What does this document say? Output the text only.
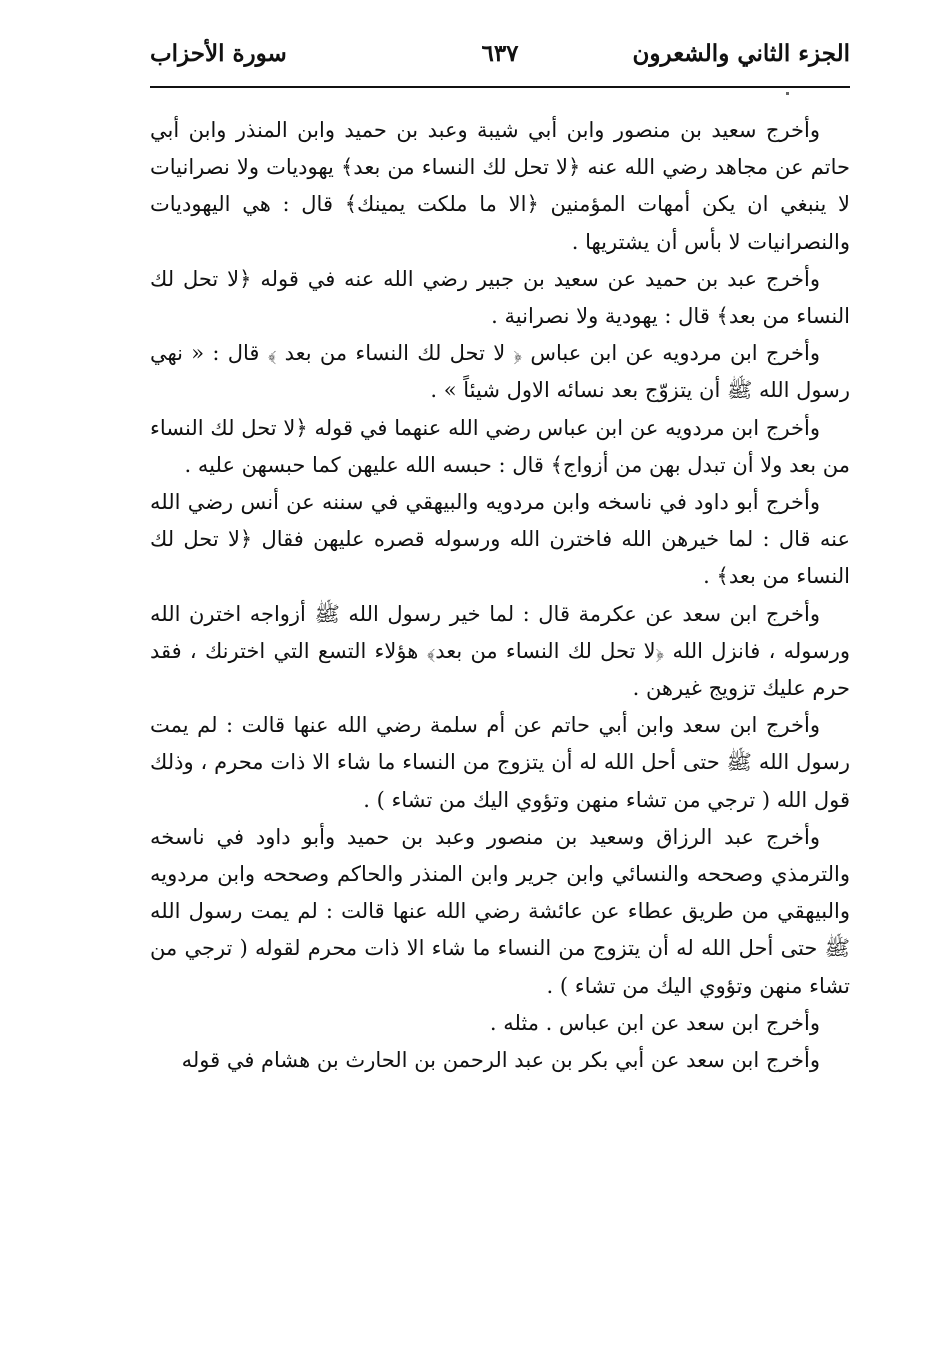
الجزء الثاني والشعرون
٦٣٧
سورة الأحزاب

وأخرج سعيد بن منصور وابن أبي شيبة وعبد بن حميد وابن المنذر وابن أبي حاتم عن مجاهد رضي الله عنه ﴿لا تحل لك النساء من بعد﴾ يهوديات ولا نصرانيات لا ينبغي ان يكن أمهات المؤمنين ﴿الا ما ملكت يمينك﴾ قال : هي اليهوديات والنصرانيات لا بأس أن يشتريها .

وأخرج عبد بن حميد عن سعيد بن جبير رضي الله عنه في قوله ﴿لا تحل لك النساء من بعد﴾ قال : يهودية ولا نصرانية .

وأخرج ابن مردويه عن ابن عباس ﴿ لا تحل لك النساء من بعد ﴾ قال : « نهي رسول الله ﷺ أن يتزوّج بعد نسائه الاول شيئاً » .

وأخرج ابن مردويه عن ابن عباس رضي الله عنهما في قوله ﴿لا تحل لك النساء من بعد ولا أن تبدل بهن من أزواج﴾ قال : حبسه الله عليهن كما حبسهن عليه .

وأخرج أبو داود في ناسخه وابن مردويه والبيهقي في سننه عن أنس رضي الله عنه قال : لما خيرهن الله فاخترن الله ورسوله قصره عليهن فقال ﴿لا تحل لك النساء من بعد﴾ .

وأخرج ابن سعد عن عكرمة قال : لما خير رسول الله ﷺ أزواجه اخترن الله ورسوله ، فانزل الله ﴿لا تحل لك النساء من بعد﴾ هؤلاء التسع التي اخترنك ، فقد حرم عليك تزويج غيرهن .

وأخرج ابن سعد وابن أبي حاتم عن أم سلمة رضي الله عنها قالت : لم يمت رسول الله ﷺ حتى أحل الله له أن يتزوج من النساء ما شاء الا ذات محرم ، وذلك قول الله ( ترجي من تشاء منهن وتؤوي اليك من تشاء ) .

وأخرج عبد الرزاق وسعيد بن منصور وعبد بن حميد وأبو داود في ناسخه والترمذي وصححه والنسائي وابن جرير وابن المنذر والحاكم وصححه وابن مردويه والبيهقي من طريق عطاء عن عائشة رضي الله عنها قالت : لم يمت رسول الله ﷺ حتى أحل الله له أن يتزوج من النساء ما شاء الا ذات محرم لقوله ( ترجي من تشاء منهن وتؤوي اليك من تشاء ) .

وأخرج ابن سعد عن ابن عباس . مثله .

وأخرج ابن سعد عن أبي بكر بن عبد الرحمن بن الحارث بن هشام في قوله
